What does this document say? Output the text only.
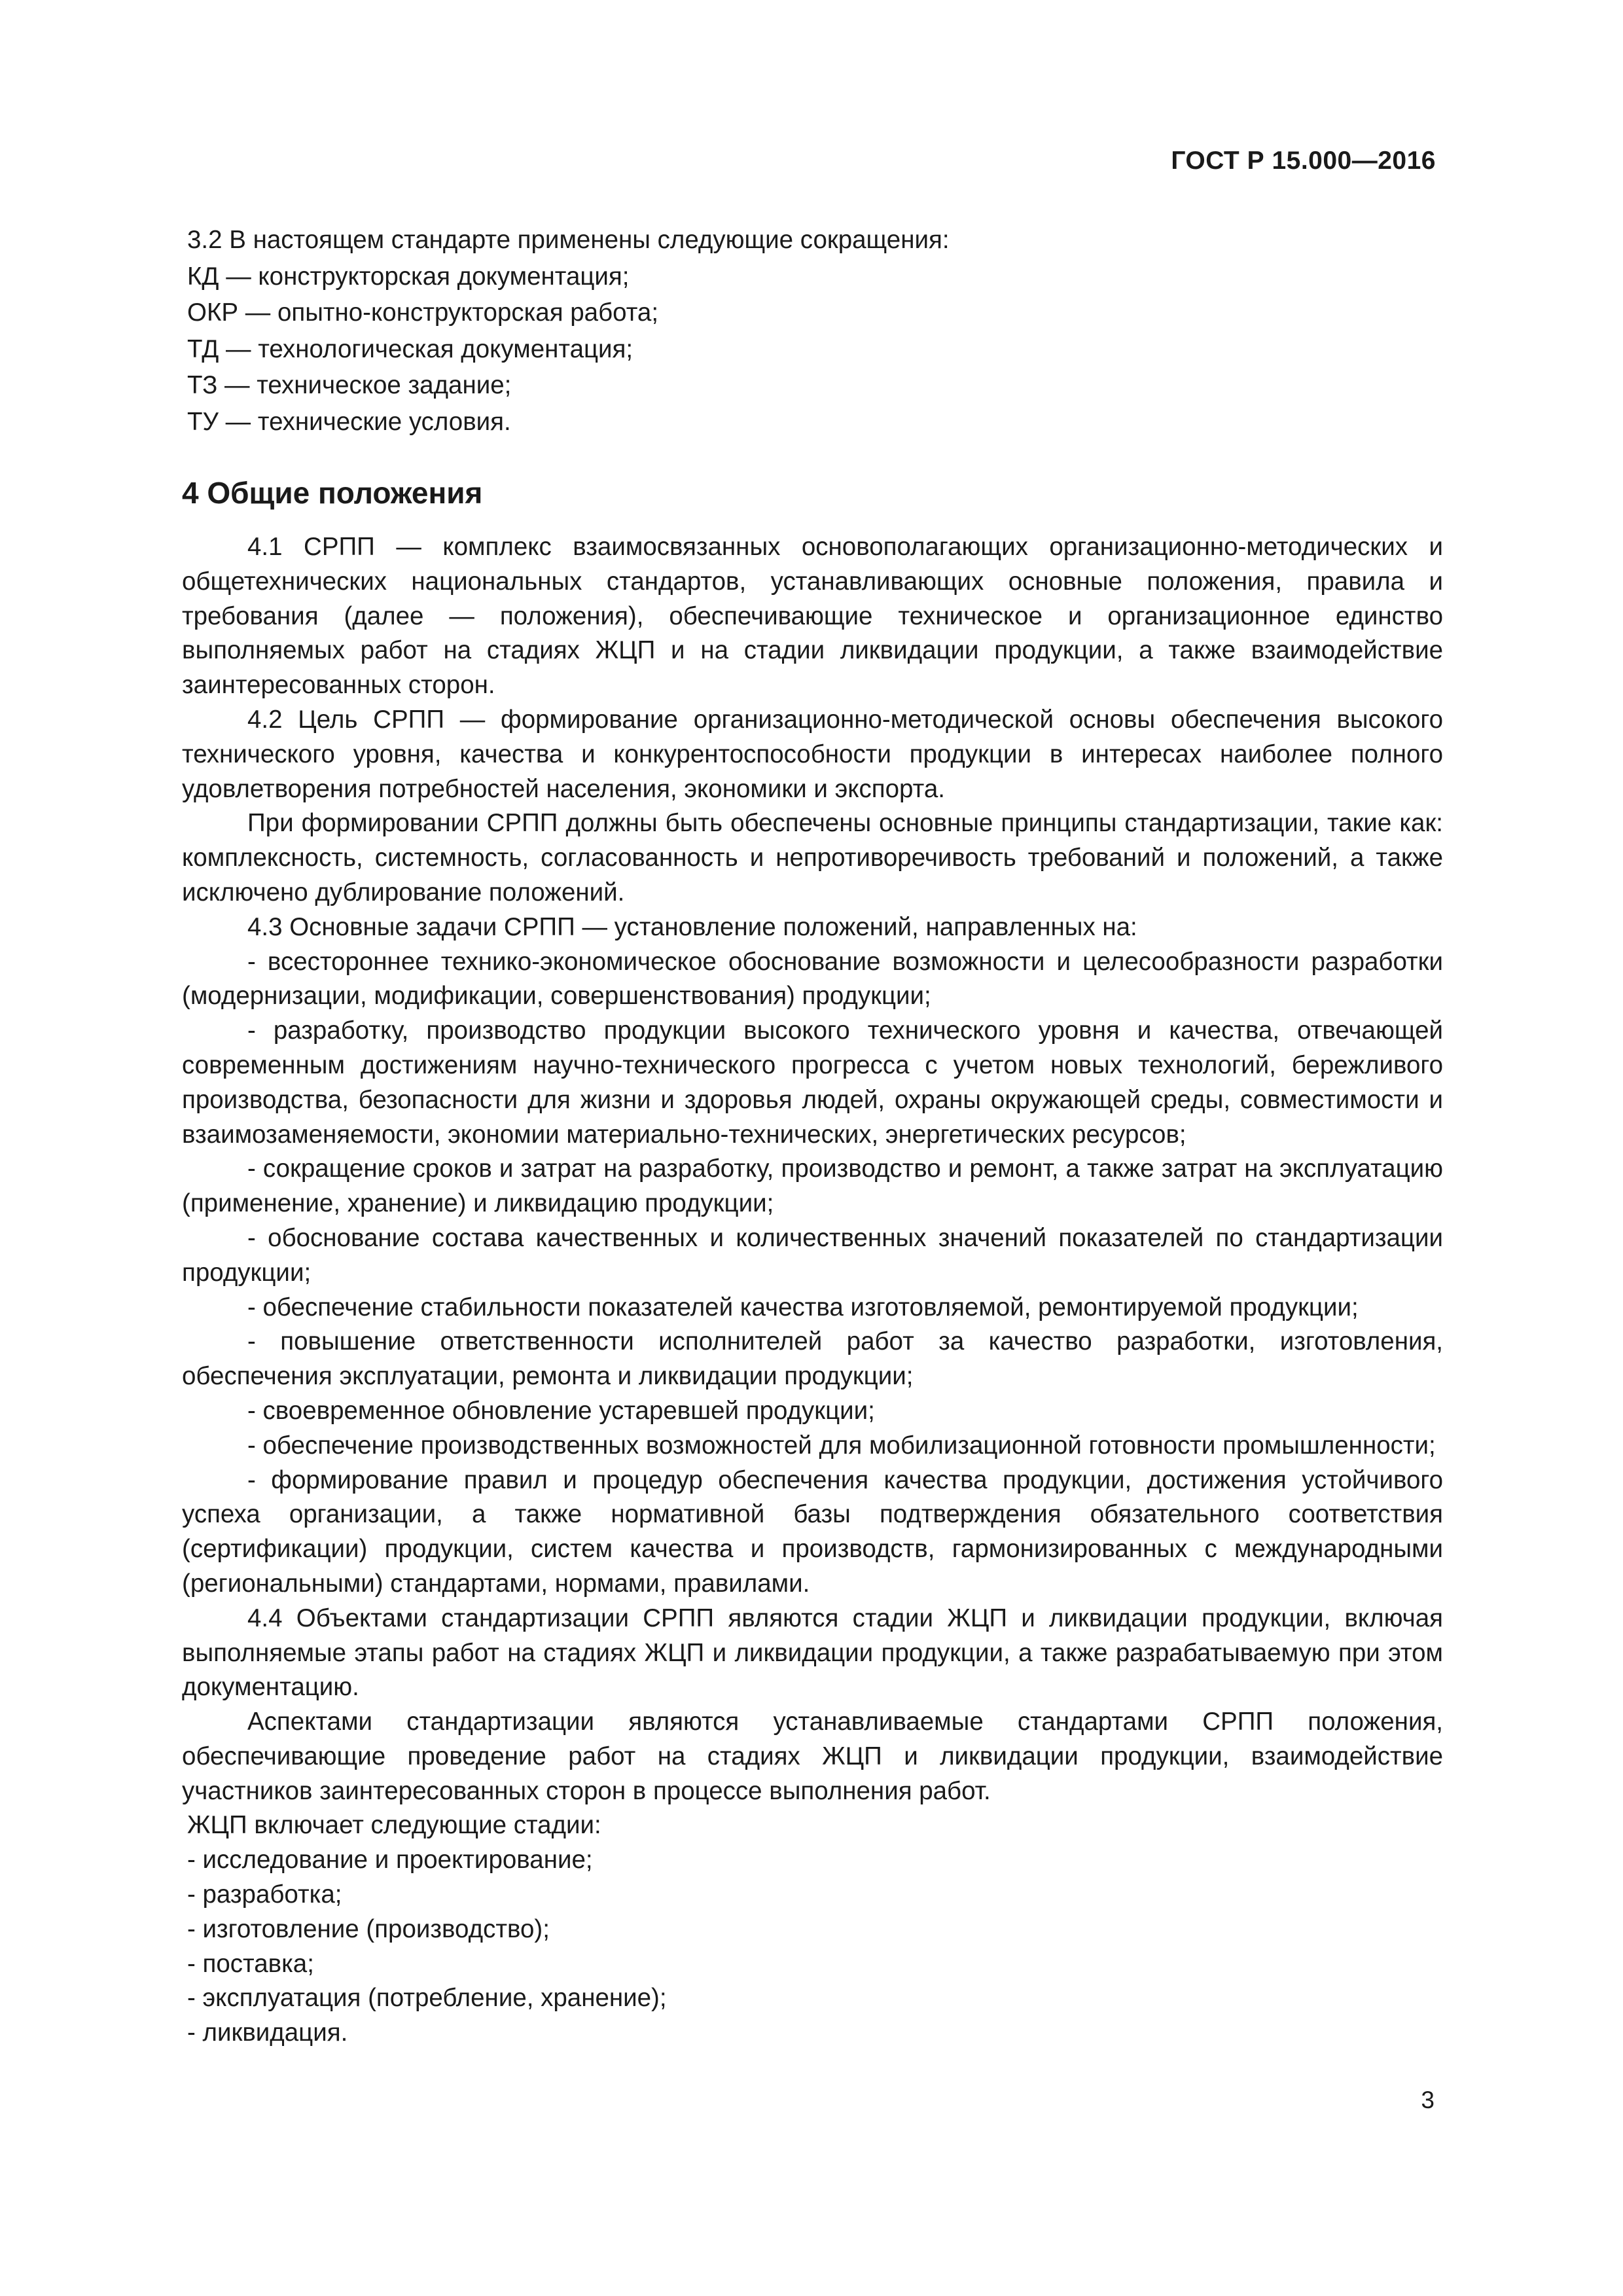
ГОСТ Р 15.000—2016
3.2 В настоящем стандарте применены следующие сокращения:
КД — конструкторская документация;
ОКР — опытно-конструкторская работа;
ТД — технологическая документация;
ТЗ — техническое задание;
ТУ — технические условия.
4 Общие положения

4.1 СРПП — комплекс взаимосвязанных основополагающих организационно-методических и общетехнических национальных стандартов, устанавливающих основные положения, правила и требования (далее — положения), обеспечивающие техническое и организационное единство выполняемых работ на стадиях ЖЦП и на стадии ликвидации продукции, а также взаимодействие заинтересованных сторон.

4.2 Цель СРПП — формирование организационно-методической основы обеспечения высокого технического уровня, качества и конкурентоспособности продукции в интересах наиболее полного удовлетворения потребностей населения, экономики и экспорта.

При формировании СРПП должны быть обеспечены основные принципы стандартизации, такие как: комплексность, системность, согласованность и непротиворечивость требований и положений, а также исключено дублирование положений.

4.3 Основные задачи СРПП — установление положений, направленных на:

- всестороннее технико-экономическое обоснование возможности и целесообразности разработки (модернизации, модификации, совершенствования) продукции;

- разработку, производство продукции высокого технического уровня и качества, отвечающей современным достижениям научно-технического прогресса с учетом новых технологий, бережливого производства, безопасности для жизни и здоровья людей, охраны окружающей среды, совместимости и взаимозаменяемости, экономии материально-технических, энергетических ресурсов;

- сокращение сроков и затрат на разработку, производство и ремонт, а также затрат на эксплуатацию (применение, хранение) и ликвидацию продукции;

- обоснование состава качественных и количественных значений показателей по стандартизации продукции;

- обеспечение стабильности показателей качества изготовляемой, ремонтируемой продукции;

- повышение ответственности исполнителей работ за качество разработки, изготовления, обеспечения эксплуатации, ремонта и ликвидации продукции;

- своевременное обновление устаревшей продукции;

- обеспечение производственных возможностей для мобилизационной готовности промышленности;

- формирование правил и процедур обеспечения качества продукции, достижения устойчивого успеха организации, а также нормативной базы подтверждения обязательного соответствия (сертификации) продукции, систем качества и производств, гармонизированных с международными (региональными) стандартами, нормами, правилами.

4.4 Объектами стандартизации СРПП являются стадии ЖЦП и ликвидации продукции, включая выполняемые этапы работ на стадиях ЖЦП и ликвидации продукции, а также разрабатываемую при этом документацию.

Аспектами стандартизации являются устанавливаемые стандартами СРПП положения, обеспечивающие проведение работ на стадиях ЖЦП и ликвидации продукции, взаимодействие участников заинтересованных сторон в процессе выполнения работ.

ЖЦП включает следующие стадии:
- исследование и проектирование;
- разработка;
- изготовление (производство);
- поставка;
- эксплуатация (потребление, хранение);
- ликвидация.
3
